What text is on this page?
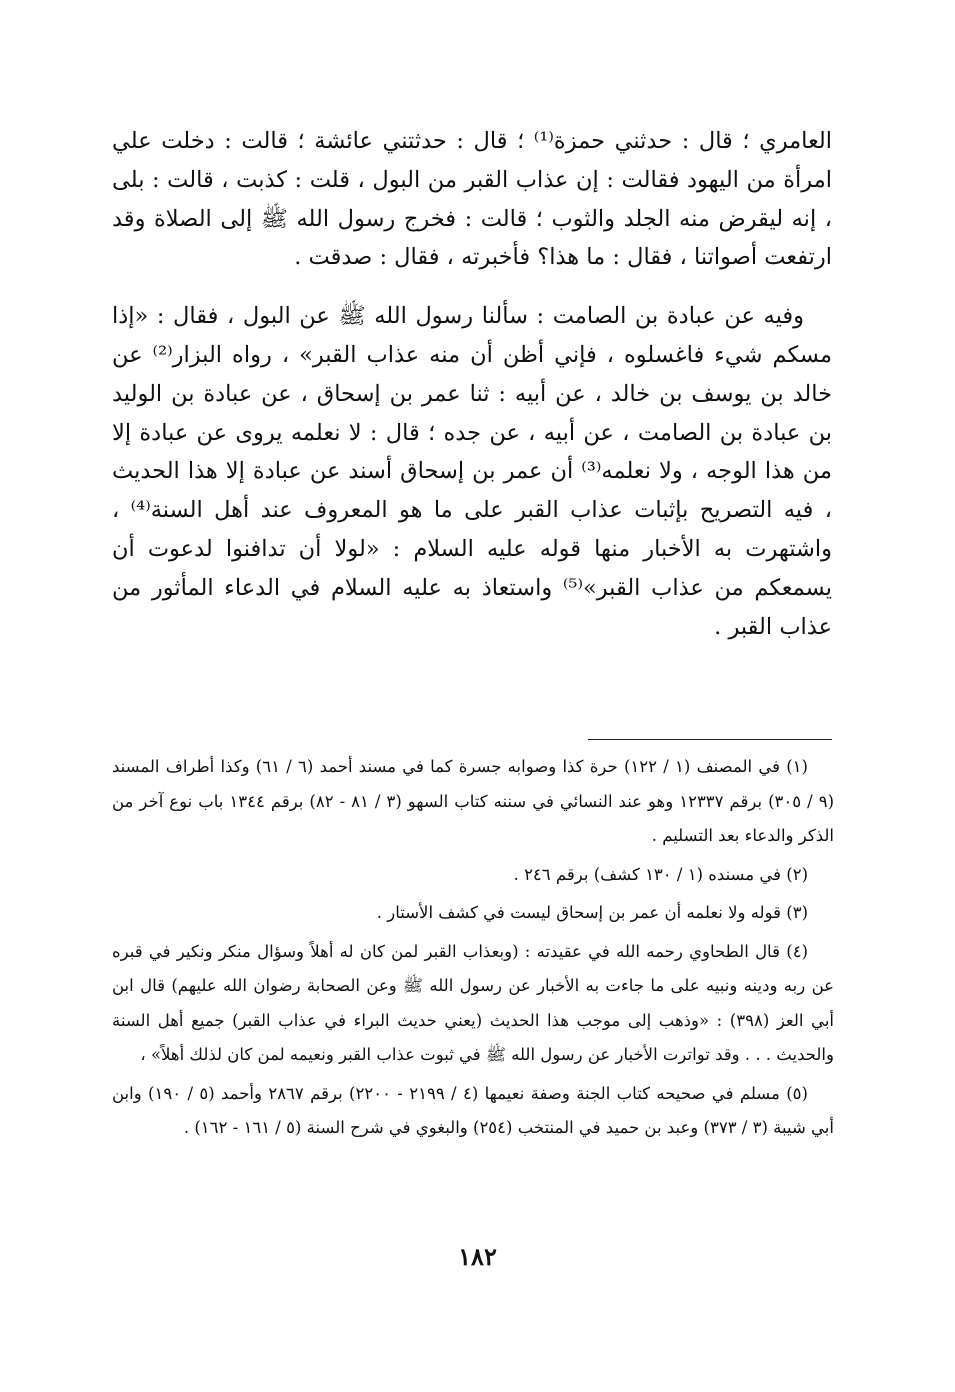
العامري ؛ قال : حدثني حمزة⁽¹⁾ ؛ قال : حدثتني عائشة ؛ قالت : دخلت علي امرأة من اليهود فقالت : إن عذاب القبر من البول ، قلت : كذبت ، قالت : بلى ، إنه ليقرض منه الجلد والثوب ؛ قالت : فخرج رسول الله ﷺ إلى الصلاة وقد ارتفعت أصواتنا ، فقال : ما هذا؟ فأخبرته ، فقال : صدقت .

وفيه عن عبادة بن الصامت : سألنا رسول الله ﷺ عن البول ، فقال : «إذا مسكم شيء فاغسلوه ، فإني أظن أن منه عذاب القبر» ، رواه البزار⁽²⁾ عن خالد بن يوسف بن خالد ، عن أبيه : ثنا عمر بن إسحاق ، عن عبادة بن الوليد بن عبادة بن الصامت ، عن أبيه ، عن جده ؛ قال : لا نعلمه يروى عن عبادة إلا من هذا الوجه ، ولا نعلمه⁽³⁾ أن عمر بن إسحاق أسند عن عبادة إلا هذا الحديث ، فيه التصريح بإثبات عذاب القبر على ما هو المعروف عند أهل السنة⁽⁴⁾ ، واشتهرت به الأخبار منها قوله عليه السلام : «لولا أن تدافنوا لدعوت أن يسمعكم من عذاب القبر»⁽⁵⁾ واستعاذ به عليه السلام في الدعاء المأثور من عذاب القبر .

(١) في المصنف (١ / ١٢٢) حرة كذا وصوابه جسرة كما في مسند أحمد (٦ / ٦١) وكذا أطراف المسند (٩ / ٣٠٥) برقم ١٢٣٣٧ وهو عند النسائي في سننه كتاب السهو (٣ / ٨١ - ٨٢) برقم ١٣٤٤ باب نوع آخر من الذكر والدعاء بعد التسليم .

(٢) في مسنده (١ / ١٣٠ كشف) برقم ٢٤٦ .

(٣) قوله ولا نعلمه أن عمر بن إسحاق ليست في كشف الأستار .

(٤) قال الطحاوي رحمه الله في عقيدته : (وبعذاب القبر لمن كان له أهلاً وسؤال منكر ونكير في قبره عن ربه ودينه ونبيه على ما جاءت به الأخبار عن رسول الله ﷺ وعن الصحابة رضوان الله عليهم) قال ابن أبي العز (٣٩٨) : «وذهب إلى موجب هذا الحديث (يعني حديث البراء في عذاب القبر) جميع أهل السنة والحديث . . . وقد تواترت الأخبار عن رسول الله ﷺ في ثبوت عذاب القبر ونعيمه لمن كان لذلك أهلاً» ،

(٥) مسلم في صحيحه كتاب الجنة وصفة نعيمها (٤ / ٢١٩٩ - ٢٢٠٠) برقم ٢٨٦٧ وأحمد (٥ / ١٩٠) وابن أبي شيبة (٣ / ٣٧٣) وعبد بن حميد في المنتخب (٢٥٤) والبغوي في شرح السنة (٥ / ١٦١ - ١٦٢) .

١٨٢
